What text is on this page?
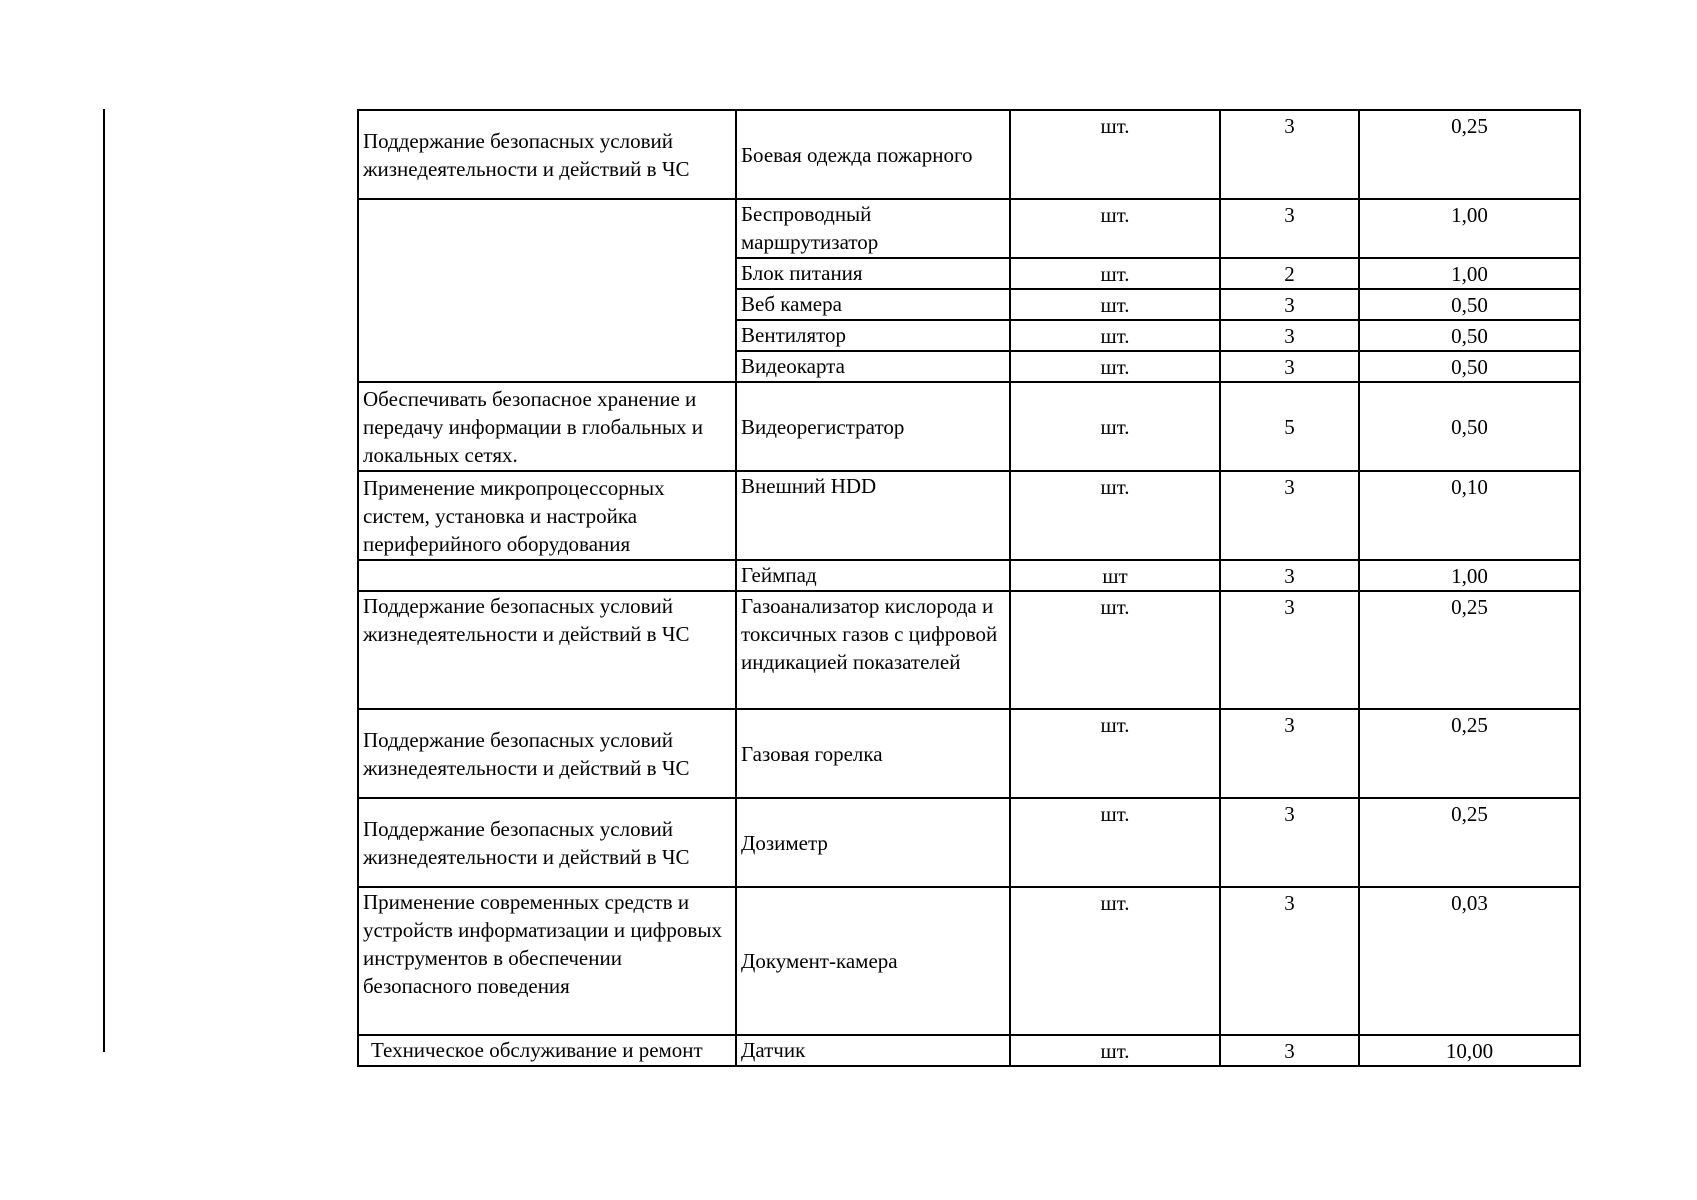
Поддержание безопасных условий жизнедеятельности и действий в ЧС	Боевая одежда пожарного	шт.	3	0,25
	Беспроводный маршрутизатор	шт.	3	1,00
	Блок питания	шт.	2	1,00
	Веб камера	шт.	3	0,50
	Вентилятор	шт.	3	0,50
	Видеокарта	шт.	3	0,50
Обеспечивать безопасное хранение и передачу информации в глобальных и локальных сетях.	Видеорегистратор	шт.	5	0,50
Применение микропроцессорных систем, установка и настройка периферийного оборудования	Внешний HDD	шт.	3	0,10
	Геймпад	шт	3	1,00
Поддержание безопасных условий жизнедеятельности и действий в ЧС	Газоанализатор кислорода и токсичных газов с цифровой индикацией показателей	шт.	3	0,25
Поддержание безопасных условий жизнедеятельности и действий в ЧС	Газовая горелка	шт.	3	0,25
Поддержание безопасных условий жизнедеятельности и действий в ЧС	Дозиметр	шт.	3	0,25
Применение современных средств и устройств информатизации и цифровых инструментов в обеспечении безопасного поведения	Документ-камера	шт.	3	0,03
Техническое обслуживание и ремонт	Датчик	шт.	3	10,00
